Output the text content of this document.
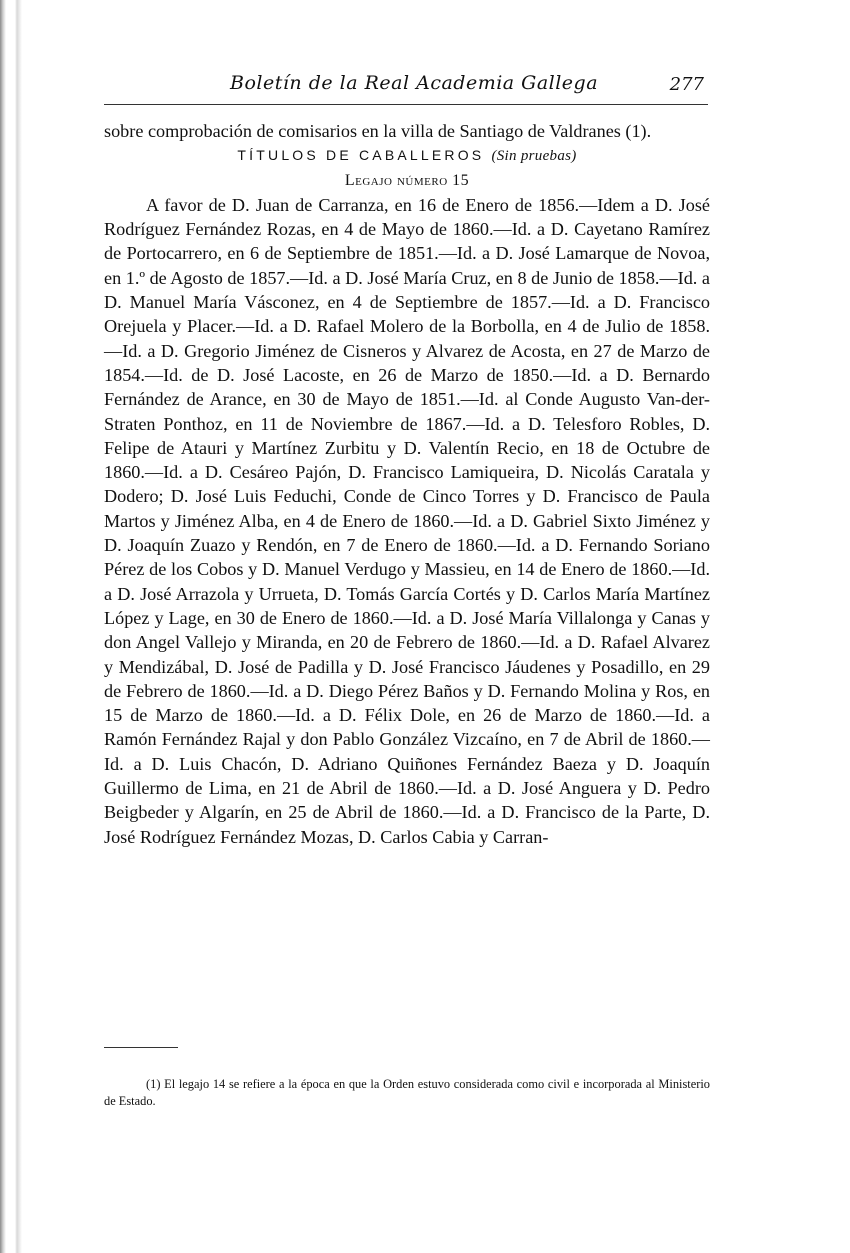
Boletín de la Real Academia Gallega	277

sobre comprobación de comisarios en la villa de Santiago de Valdranes (1).

TÍTULOS DE CABALLEROS (Sin pruebas)

Legajo número 15

A favor de D. Juan de Carranza, en 16 de Enero de 1856.—Idem a D. José Rodríguez Fernández Rozas, en 4 de Mayo de 1860.—Id. a D. Cayetano Ramírez de Portocarrero, en 6 de Septiembre de 1851.—Id. a D. José Lamarque de Novoa, en 1.º de Agosto de 1857.—Id. a D. José María Cruz, en 8 de Junio de 1858.—Id. a D. Manuel María Vásconez, en 4 de Septiembre de 1857.—Id. a D. Francisco Orejuela y Placer.—Id. a D. Rafael Molero de la Borbolla, en 4 de Julio de 1858.—Id. a D. Gregorio Jiménez de Cisneros y Alvarez de Acosta, en 27 de Marzo de 1854.—Id. de D. José Lacoste, en 26 de Marzo de 1850.—Id. a D. Bernardo Fernández de Arance, en 30 de Mayo de 1851.—Id. al Conde Augusto Van-der-Straten Ponthoz, en 11 de Noviembre de 1867.—Id. a D. Telesforo Robles, D. Felipe de Atauri y Martínez Zurbitu y D. Valentín Recio, en 18 de Octubre de 1860.—Id. a D. Cesáreo Pajón, D. Francisco Lamiqueira, D. Nicolás Caratala y Dodero; D. José Luis Feduchi, Conde de Cinco Torres y D. Francisco de Paula Martos y Jiménez Alba, en 4 de Enero de 1860.—Id. a D. Gabriel Sixto Jiménez y D. Joaquín Zuazo y Rendón, en 7 de Enero de 1860.—Id. a D. Fernando Soriano Pérez de los Cobos y D. Manuel Verdugo y Massieu, en 14 de Enero de 1860.—Id. a D. José Arrazola y Urrueta, D. Tomás García Cortés y D. Carlos María Martínez López y Lage, en 30 de Enero de 1860.—Id. a D. José María Villalonga y Canas y don Angel Vallejo y Miranda, en 20 de Febrero de 1860.—Id. a D. Rafael Alvarez y Mendizábal, D. José de Padilla y D. José Francisco Jáudenes y Posadillo, en 29 de Febrero de 1860.—Id. a D. Diego Pérez Baños y D. Fernando Molina y Ros, en 15 de Marzo de 1860.—Id. a D. Félix Dole, en 26 de Marzo de 1860.—Id. a Ramón Fernández Rajal y don Pablo González Vizcaíno, en 7 de Abril de 1860.—Id. a D. Luis Chacón, D. Adriano Quiñones Fernández Baeza y D. Joaquín Guillermo de Lima, en 21 de Abril de 1860.—Id. a D. José Anguera y D. Pedro Beigbeder y Algarín, en 25 de Abril de 1860.—Id. a D. Francisco de la Parte, D. José Rodríguez Fernández Mozas, D. Carlos Cabia y Carran-

(1) El legajo 14 se refiere a la época en que la Orden estuvo considerada como civil e incorporada al Ministerio de Estado.
